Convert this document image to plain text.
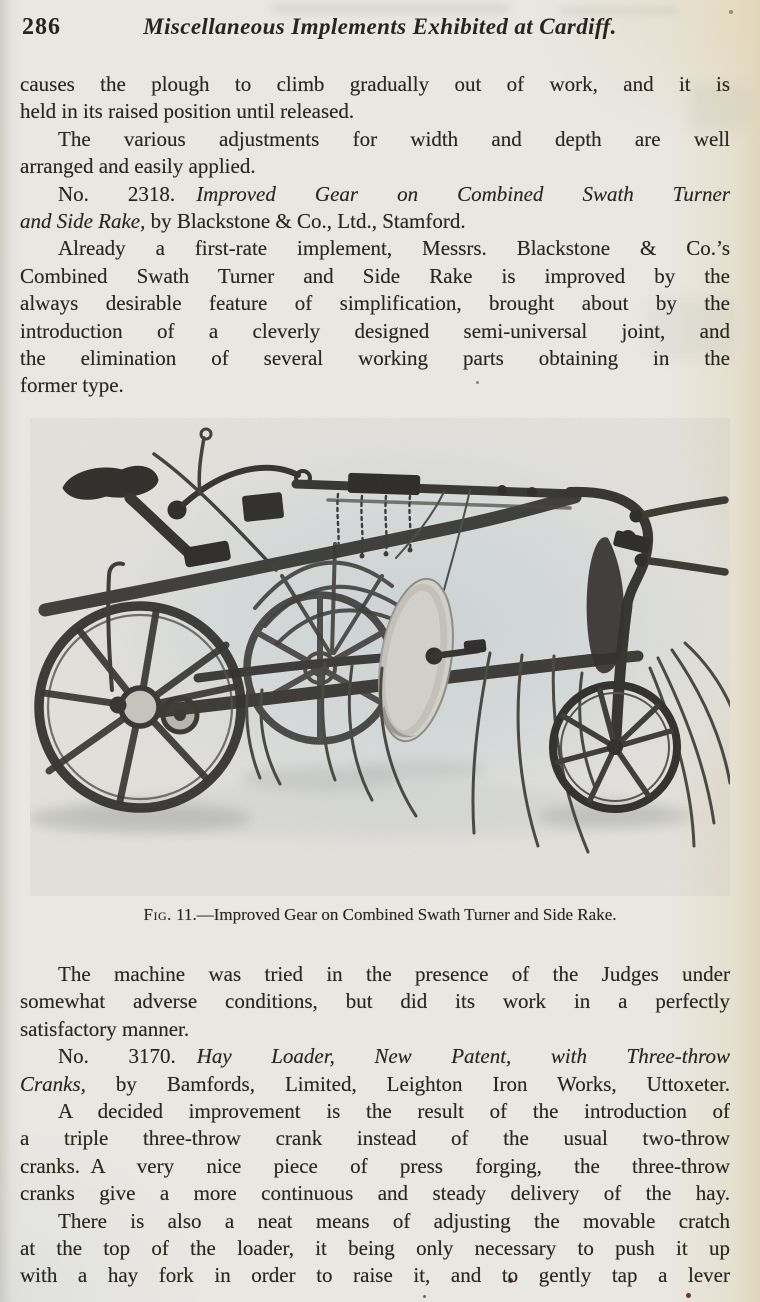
286	Miscellaneous Implements Exhibited at Cardiff.
causes the plough to climb gradually out of work, and it is
held in its raised position until released.
The various adjustments for width and depth are well
arranged and easily applied.
No. 2318.  Improved Gear on Combined Swath Turner
and Side Rake, by Blackstone & Co., Ltd., Stamford.
Already a first-rate implement, Messrs. Blackstone & Co.’s
Combined Swath Turner and Side Rake is improved by the
always desirable feature of simplification, brought about by the
introduction of a cleverly designed semi-universal joint, and
the elimination of several working parts obtaining in the
former type.
Fig. 11.—Improved Gear on Combined Swath Turner and Side Rake.
The machine was tried in the presence of the Judges under
somewhat adverse conditions, but did its work in a perfectly
satisfactory manner.
No. 3170.  Hay Loader, New Patent, with Three-throw
Cranks, by Bamfords, Limited, Leighton Iron Works, Uttoxeter.
A decided improvement is the result of the introduction of
a triple three-throw crank instead of the usual two-throw
cranks. A very nice piece of press forging, the three-throw
cranks give a more continuous and steady delivery of the hay.
There is also a neat means of adjusting the movable cratch
at the top of the loader, it being only necessary to push it up
with a hay fork in order to raise it, and to gently tap a lever
